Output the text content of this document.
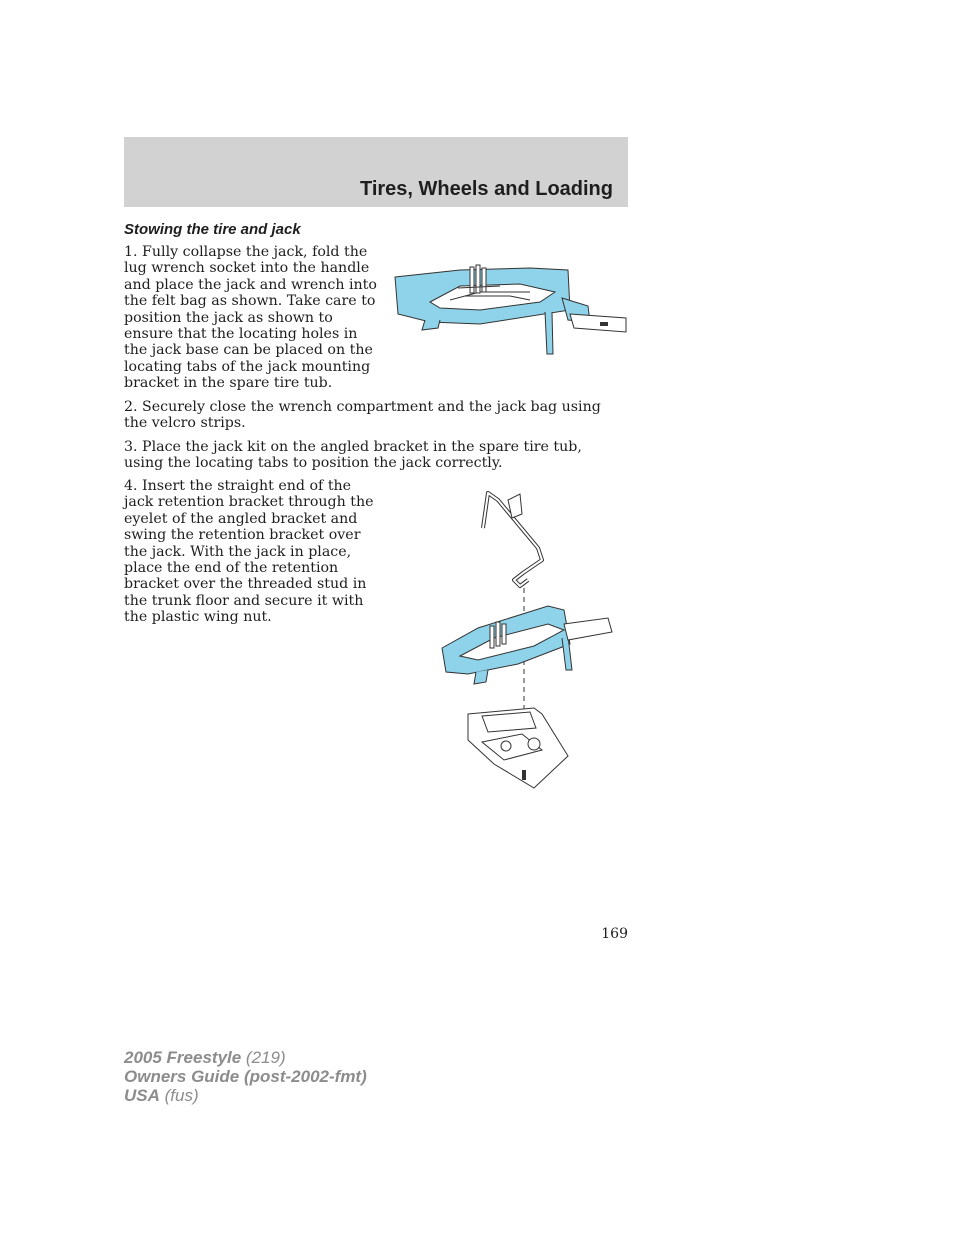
Tires, Wheels and Loading
Stowing the tire and jack

1. Fully collapse the jack, fold the lug wrench socket into the handle and place the jack and wrench into the felt bag as shown. Take care to position the jack as shown to ensure that the locating holes in the jack base can be placed on the locating tabs of the jack mounting bracket in the spare tire tub.

2. Securely close the wrench compartment and the jack bag using the velcro strips.

3. Place the jack kit on the angled bracket in the spare tire tub, using the locating tabs to position the jack correctly.

4. Insert the straight end of the jack retention bracket through the eyelet of the angled bracket and swing the retention bracket over the jack. With the jack in place, place the end of the retention bracket over the threaded stud in the trunk floor and secure it with the plastic wing nut.

169
2005 Freestyle (219)
Owners Guide (post-2002-fmt)
USA (fus)
